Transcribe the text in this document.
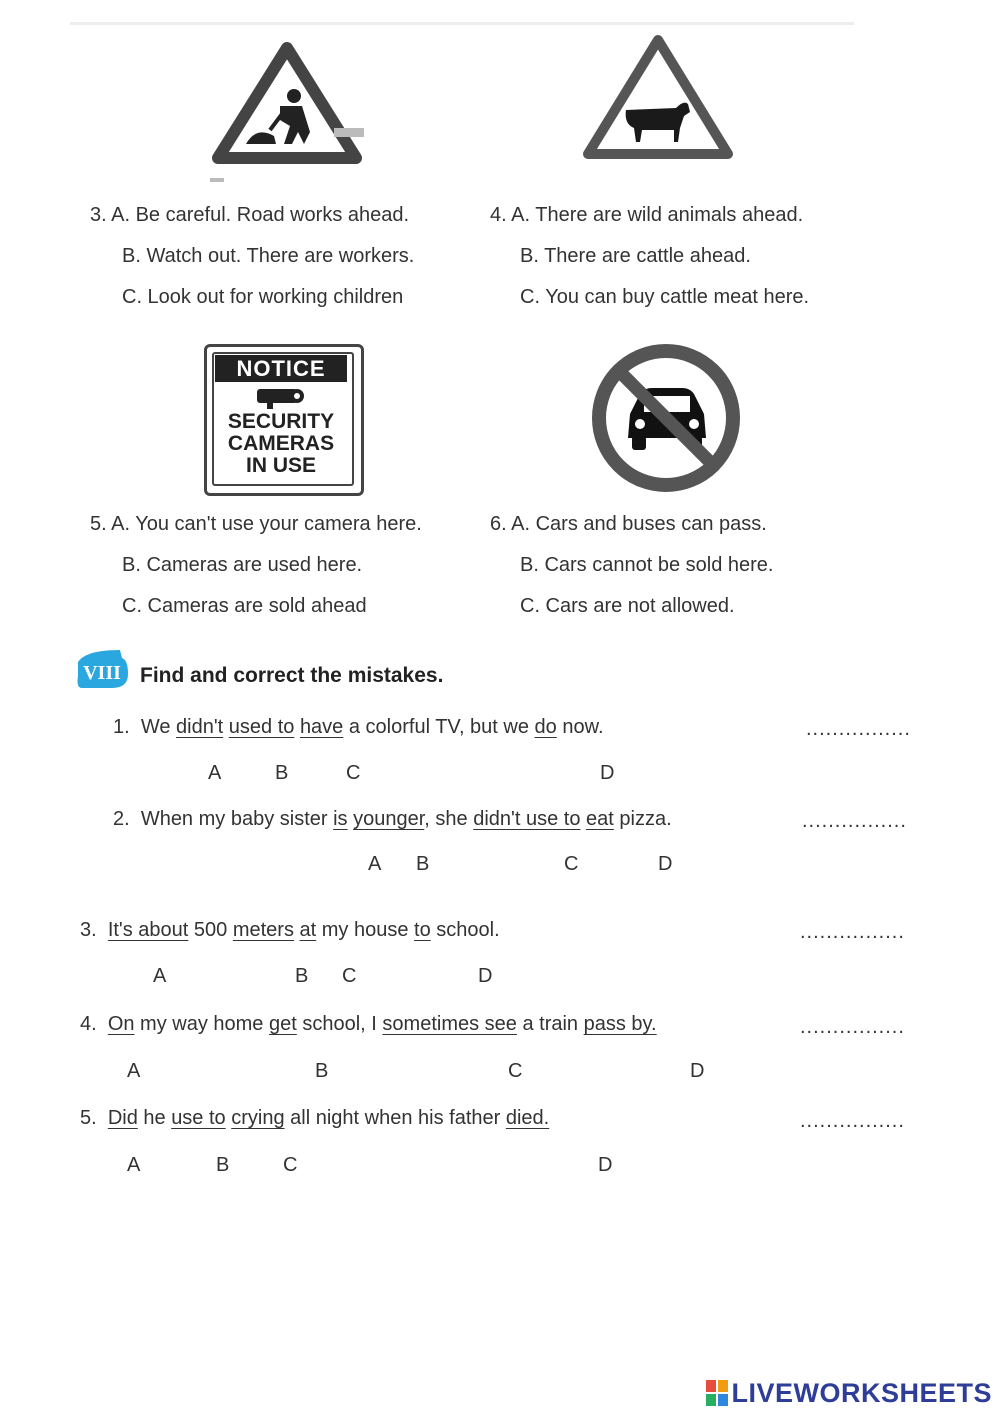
3. A. Be careful. Road works ahead.
B. Watch out. There are workers.
C. Look out for working children
4. A. There are wild animals ahead.
B. There are cattle ahead.
C. You can buy cattle meat here.
NOTICE
SECURITY
CAMERAS
IN USE
5. A. You can't use your camera here.
B. Cameras are used here.
C. Cameras are sold ahead
6. A. Cars and buses can pass.
B. Cars cannot be sold here.
C. Cars are not allowed.
VIII Find and correct the mistakes.
1. We didn't used to have a colorful TV, but we do now.	................
A	B	C	D
2. When my baby sister is younger, she didn't use to eat pizza.	................
A B	C	D
3. It's about 500 meters at my house to school.	................
A	B C	D
4. On my way home get school, I sometimes see a train pass by.	................
A	B	C	D
5. Did he use to crying all night when his father died.	................
A	B	C	D
LIVEWORKSHEETS
